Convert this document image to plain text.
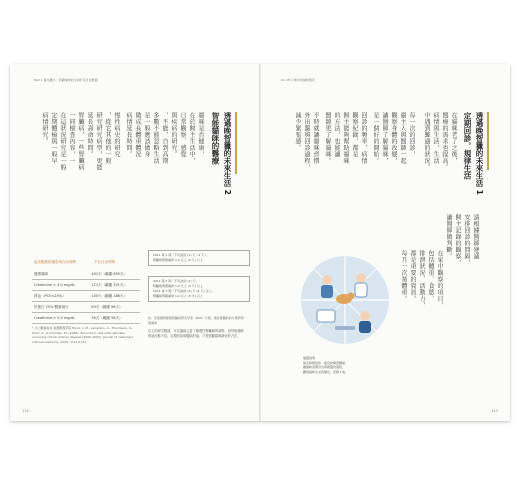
Part 1 寵生觀念：照顧貓咪的生命打造生活藍圖
透過晚智獵的未來生活 2
智能貓咪的醫療
貓咪是否健康，
在於飼主生活中，
日常觀察、感覺
與疾病的研究。
，不能，自到高期
多數不能忽略生活
是一般應該做身
做成長體重體況
病情延長時間。
慢性病史的研究
，從它其他的一般
研究研究病型，更能
延長壽命時間。
腎臟病，一些腎臟病
一同檢查內容，一
在這狀況研究是一般
定期體檢與一般早
病情研究。
血清肌酸酐濃度與存活時間	中位存活時間
健康貓咪	401天（範圍 695天）
Creatinine > 4.0 mg/dL	121天（範圍 321天）
貧血（PCV<25%）	100天（範圍 186天）
尿蛋白 25% 體重減少	63天（範圍 96天）
Creatinine > 5.0 mg/dL	30天（範圍 56天）
* 以上數據來自 美國獸醫學院 Boyd, L. M., Langston, C., Thompson, K., Zivin, K., & Imanishi, M. (2008). Survival in cats with naturally occurring chronic kidney disease (2000-2002). Journal of veterinary internal medicine, 22(5), 1111-1117.
2011 第 1 期「不可能的 (1) 天（2 天）」
腎臟病預期壽命 1,2 以上 (3 天) 以上
2011 第 2 期「不可能的 (1) 天」
腎臟病預期壽命 1,2 以上 (3 天) 以上
2011 第 3 期「不可能的 (1) 天 (2 天) 以上」
腎臟病預期壽命 1,2 以上 (3 天) 以上
註：依照國際獸醫腎臟病研究學會（IRIS）分期，慢性腎臟病的分期與預期壽命
以上的研究數據，可以讓飼主更了解慢性腎臟病的病程，但每隻貓咪的狀況都不同，定期回診與醫師討論，才是照顧貓咪最好的方法。
112
01 CH.1 晚年的貓咪醫學
透過晚智獵的未來生活 1
定期回診，規律生活
在貓咪老了之後，
醫療的需求也提高。
病情與生活，生活
中遇到難過的狀況。
每一次的回診，
貓主人與醫師一起
觀察身體的改變，
讓醫師了解貓咪，
是一個好的開始。
回診的頻率，病情
觀察紀錄，都是
飼主能夠幫助貓咪
的方法，也能讓
醫師更了解貓咪。
平時就讓貓咪習慣
外出籠與回診過程，
減少緊張感。
請根據醫師建議
安排回診的間隔，
飼主記錄的觀察，
讓醫師做判斷。
在家中觀察的項目，
包括體重、食慾、
排泄狀況、活動力，
都是重要的資訊。
每月一次量體重。
插圖說明
固定時間回診，固定時間量體重，
讓貓咪習慣外出與就醫的過程，
觀察貓咪生活的變化，記錄下來。
113
